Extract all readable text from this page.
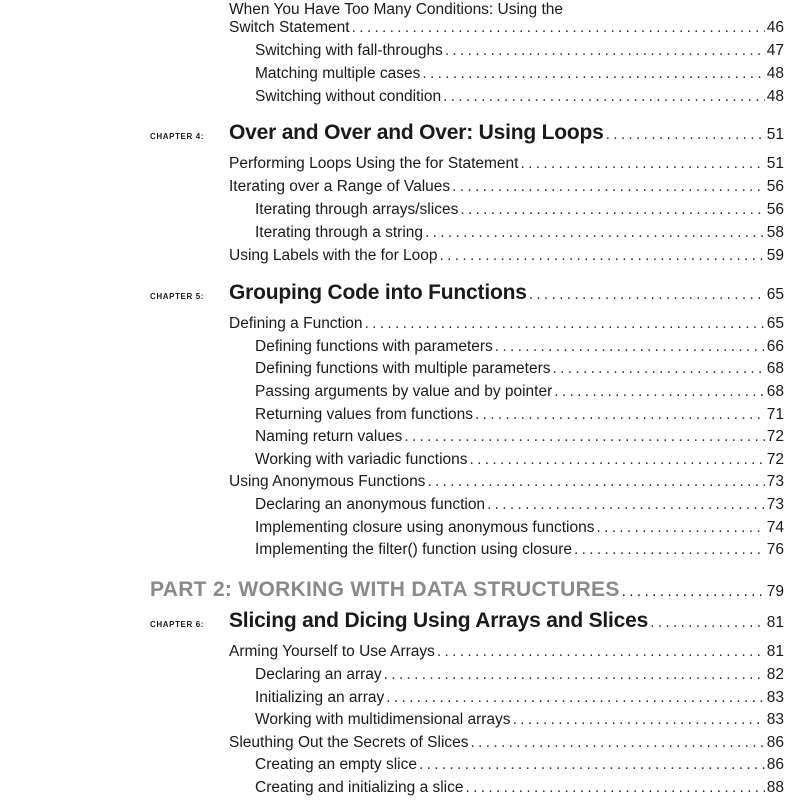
When You Have Too Many Conditions: Using the
Switch Statement . . .	46
Switching with fall-throughs . . .	47
Matching multiple cases . . .	48
Switching without condition . . .	48
CHAPTER 4:	Over and Over and Over: Using Loops . . .	51
Performing Loops Using the for Statement . . .	51
Iterating over a Range of Values . . .	56
Iterating through arrays/slices . . .	56
Iterating through a string . . .	58
Using Labels with the for Loop . . .	59
CHAPTER 5:	Grouping Code into Functions . . .	65
Defining a Function . . .	65
Defining functions with parameters . . .	66
Defining functions with multiple parameters . . .	68
Passing arguments by value and by pointer . . .	68
Returning values from functions . . .	71
Naming return values . . .	72
Working with variadic functions . . .	72
Using Anonymous Functions . . .	73
Declaring an anonymous function . . .	73
Implementing closure using anonymous functions . . .	74
Implementing the filter() function using closure . . .	76
PART 2: WORKING WITH DATA STRUCTURES . . .	79
CHAPTER 6:	Slicing and Dicing Using Arrays and Slices . . .	81
Arming Yourself to Use Arrays . . .	81
Declaring an array . . .	82
Initializing an array . . .	83
Working with multidimensional arrays . . .	83
Sleuthing Out the Secrets of Slices . . .	86
Creating an empty slice . . .	86
Creating and initializing a slice . . .	88
